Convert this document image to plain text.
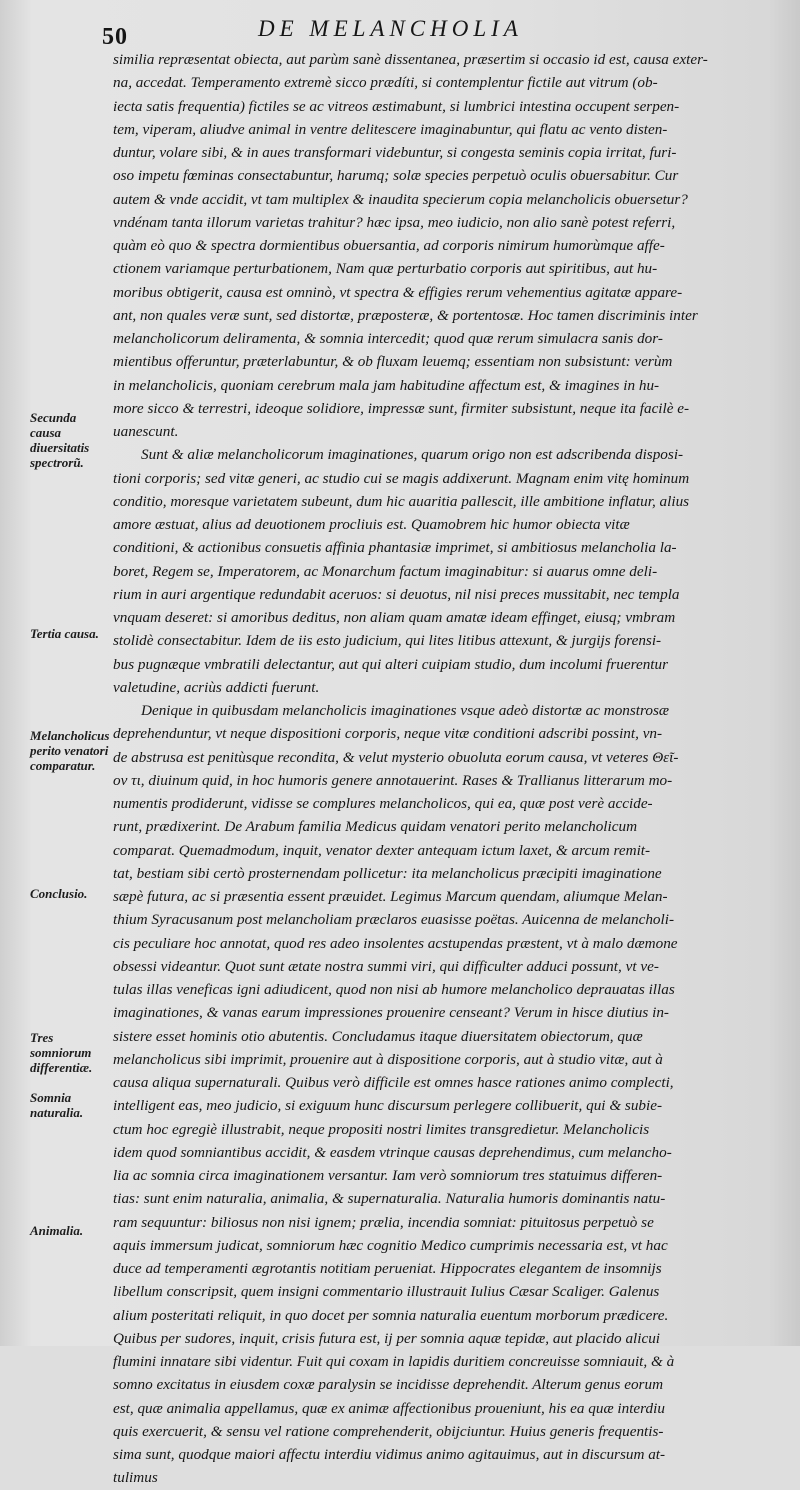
50	DE MELANCHOLIA
Secunda causa diuersitatis spectrorũ.
Tertia causa.
Melancholicus perito venatori comparatur.
Conclusio.
Tres somniorum differentiæ.
Somnia naturalia.
Animalia.
similia repræsentat obiecta, aut parùm sanè dissentanea, præsertim si occasio id est, causa exter-
na, accedat. Temperamento extremè sicco prædíti, si contemplentur fictile aut vitrum (ob-
iecta satis frequentia) fictiles se ac vitreos æstimabunt, si lumbrici intestina occupent serpen-
tem, viperam, aliudve animal in ventre delitescere imaginabuntur, qui flatu ac vento disten-
duntur, volare sibi, & in aues transformari videbuntur, si congesta seminis copia irritat, furi-
oso impetu fœminas consectabuntur, harumq; solæ species perpetuò oculis obuersabitur. Cur
autem & vnde accidit, vt tam multiplex & inaudita specierum copia melancholicis obuersetur?
vndénam tanta illorum varietas trahitur? hæc ipsa, meo iudicio, non alio sanè potest referri,
quàm eò quo & spectra dormientibus obuersantia, ad corporis nimirum humorùmque affe-
ctionem variamque perturbationem, Nam quæ perturbatio corporis aut spiritibus, aut hu-
moribus obtigerit, causa est omninò, vt spectra & effigies rerum vehementius agitatæ appare-
ant, non quales veræ sunt, sed distortæ, præposteræ, & portentosæ. Hoc tamen discriminis inter
melancholicorum deliramenta, & somnia intercedit; quod quæ rerum simulacra sanis dor-
mientibus offeruntur, præterlabuntur, & ob fluxam leuemq; essentiam non subsistunt: verùm
in melancholicis, quoniam cerebrum mala jam habitudine affectum est, & imagines in hu-
more sicco & terrestri, ideoque solidiore, impressæ sunt, firmiter subsistunt, neque ita facilè e-
uanescunt.
Sunt & aliæ melancholicorum imaginationes, quarum origo non est adscribenda disposi-
tioni corporis; sed vitæ generi, ac studio cui se magis addixerunt. Magnam enim vitę hominum
conditio, moresque varietatem subeunt, dum hic auaritia pallescit, ille ambitione inflatur, alius
amore æstuat, alius ad deuotionem procliuis est. Quamobrem hic humor obiecta vitæ
conditioni, & actionibus consuetis affinia phantasiæ imprimet, si ambitiosus melancholia la-
boret, Regem se, Imperatorem, ac Monarchum factum imaginabitur: si auarus omne deli-
rium in auri argentique redundabit aceruos: si deuotus, nil nisi preces mussitabit, nec templa
vnquam deseret: si amoribus deditus, non aliam quam amatæ ideam effinget, eiusq; vmbram
stolidè consectabitur. Idem de iis esto judicium, qui lites litibus attexunt, & jurgijs forensi-
bus pugnæque vmbratili delectantur, aut qui alteri cuipiam studio, dum incolumi fruerentur
valetudine, acriùs addicti fuerunt.
Denique in quibusdam melancholicis imaginationes vsque adeò distortæ ac monstrosæ
deprehenduntur, vt neque dispositioni corporis, neque vitæ conditioni adscribi possint, vn-
de abstrusa est penitùsque recondita, & velut mysterio obuoluta eorum causa, vt veteres Θεῖ-
ον τι, diuinum quid, in hoc humoris genere annotauerint. Rases & Trallianus litterarum mo-
numentis prodiderunt, vidisse se complures melancholicos, qui ea, quæ post verè accide-
runt, prædixerint. De Arabum familia Medicus quidam venatori perito melancholicum
comparat. Quemadmodum, inquit, venator dexter antequam ictum laxet, & arcum remit-
tat, bestiam sibi certò prosternendam pollicetur: ita melancholicus præcipiti imaginatione
sæpè futura, ac si præsentia essent præuidet. Legimus Marcum quendam, aliumque Melan-
thium Syracusanum post melancholiam præclaros euasisse poëtas. Auicenna de melancholi-
cis peculiare hoc annotat, quod res adeo insolentes acstupendas præstent, vt à malo dæmone
obsessi videantur. Quot sunt ætate nostra summi viri, qui difficulter adduci possunt, vt ve-
tulas illas veneficas igni adiudicent, quod non nisi ab humore melancholico deprauatas illas
imaginationes, & vanas earum impressiones prouenire censeant? Verum in hisce diutius in-
sistere esset hominis otio abutentis. Concludamus itaque diuersitatem obiectorum, quæ
melancholicus sibi imprimit, prouenire aut à dispositione corporis, aut à studio vitæ, aut à
causa aliqua supernaturali. Quibus verò difficile est omnes hasce rationes animo complecti,
intelligent eas, meo judicio, si exiguum hunc discursum perlegere collibuerit, qui & subie-
ctum hoc egregiè illustrabit, neque propositi nostri limites transgredietur. Melancholicis
idem quod somniantibus accidit, & easdem vtrinque causas deprehendimus, cum melancho-
lia ac somnia circa imaginationem versantur. Iam verò somniorum tres statuimus differen-
tias: sunt enim naturalia, animalia, & supernaturalia. Naturalia humoris dominantis natu-
ram sequuntur: biliosus non nisi ignem; prælia, incendia somniat: pituitosus perpetuò se
aquis immersum judicat, somniorum hæc cognitio Medico cumprimis necessaria est, vt hac
duce ad temperamenti ægrotantis notitiam perueniat. Hippocrates elegantem de insomnijs
libellum conscripsit, quem insigni commentario illustrauit Iulius Cæsar Scaliger. Galenus
alium posteritati reliquit, in quo docet per somnia naturalia euentum morborum prædicere.
Quibus per sudores, inquit, crisis futura est, ij per somnia aquæ tepidæ, aut placido alicui
flumini innatare sibi videntur. Fuit qui coxam in lapidis duritiem concreuisse somniauit, & à
somno excitatus in eiusdem coxæ paralysin se incidisse deprehendit. Alterum genus eorum
est, quæ animalia appellamus, quæ ex animæ affectionibus proueniunt, his ea quæ interdiu
quis exercuerit, & sensu vel ratione comprehenderit, obijciuntur. Huius generis frequentis-
sima sunt, quodque maiori affectu interdiu vidimus animo agitauimus, aut in discursum at-
tulimus
